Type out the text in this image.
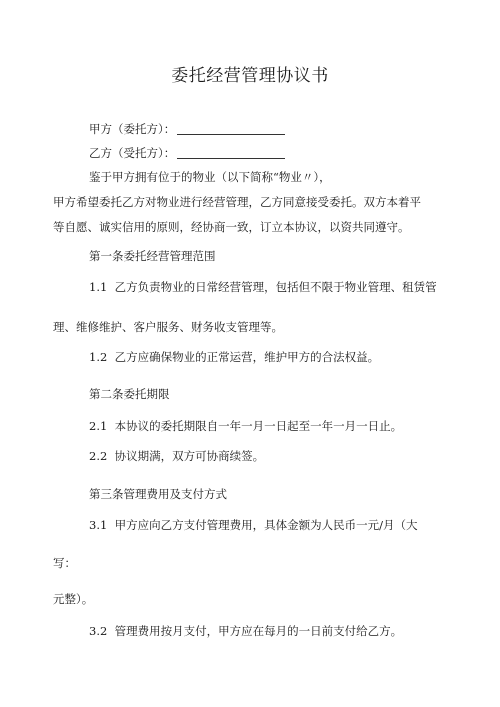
委托经营管理协议书
甲方（委托方）：
乙方（受托方）：
鉴于甲方拥有位于的物业（以下简称“物业〃），
甲方希望委托乙方对物业进行经营管理，乙方同意接受委托。双方本着平
等自愿、诚实信用的原则，经协商一致，订立本协议，以资共同遵守。
第一条委托经营管理范围
1.1 乙方负责物业的日常经营管理，包括但不限于物业管理、租赁管
理、维修维护、客户服务、财务收支管理等。
1.2 乙方应确保物业的正常运营，维护甲方的合法权益。
第二条委托期限
2.1 本协议的委托期限自一年一月一日起至一年一月一日止。
2.2 协议期满，双方可协商续签。
第三条管理费用及支付方式
3.1 甲方应向乙方支付管理费用，具体金额为人民币一元/月（大
写：
元整）。
3.2 管理费用按月支付，甲方应在每月的一日前支付给乙方。
